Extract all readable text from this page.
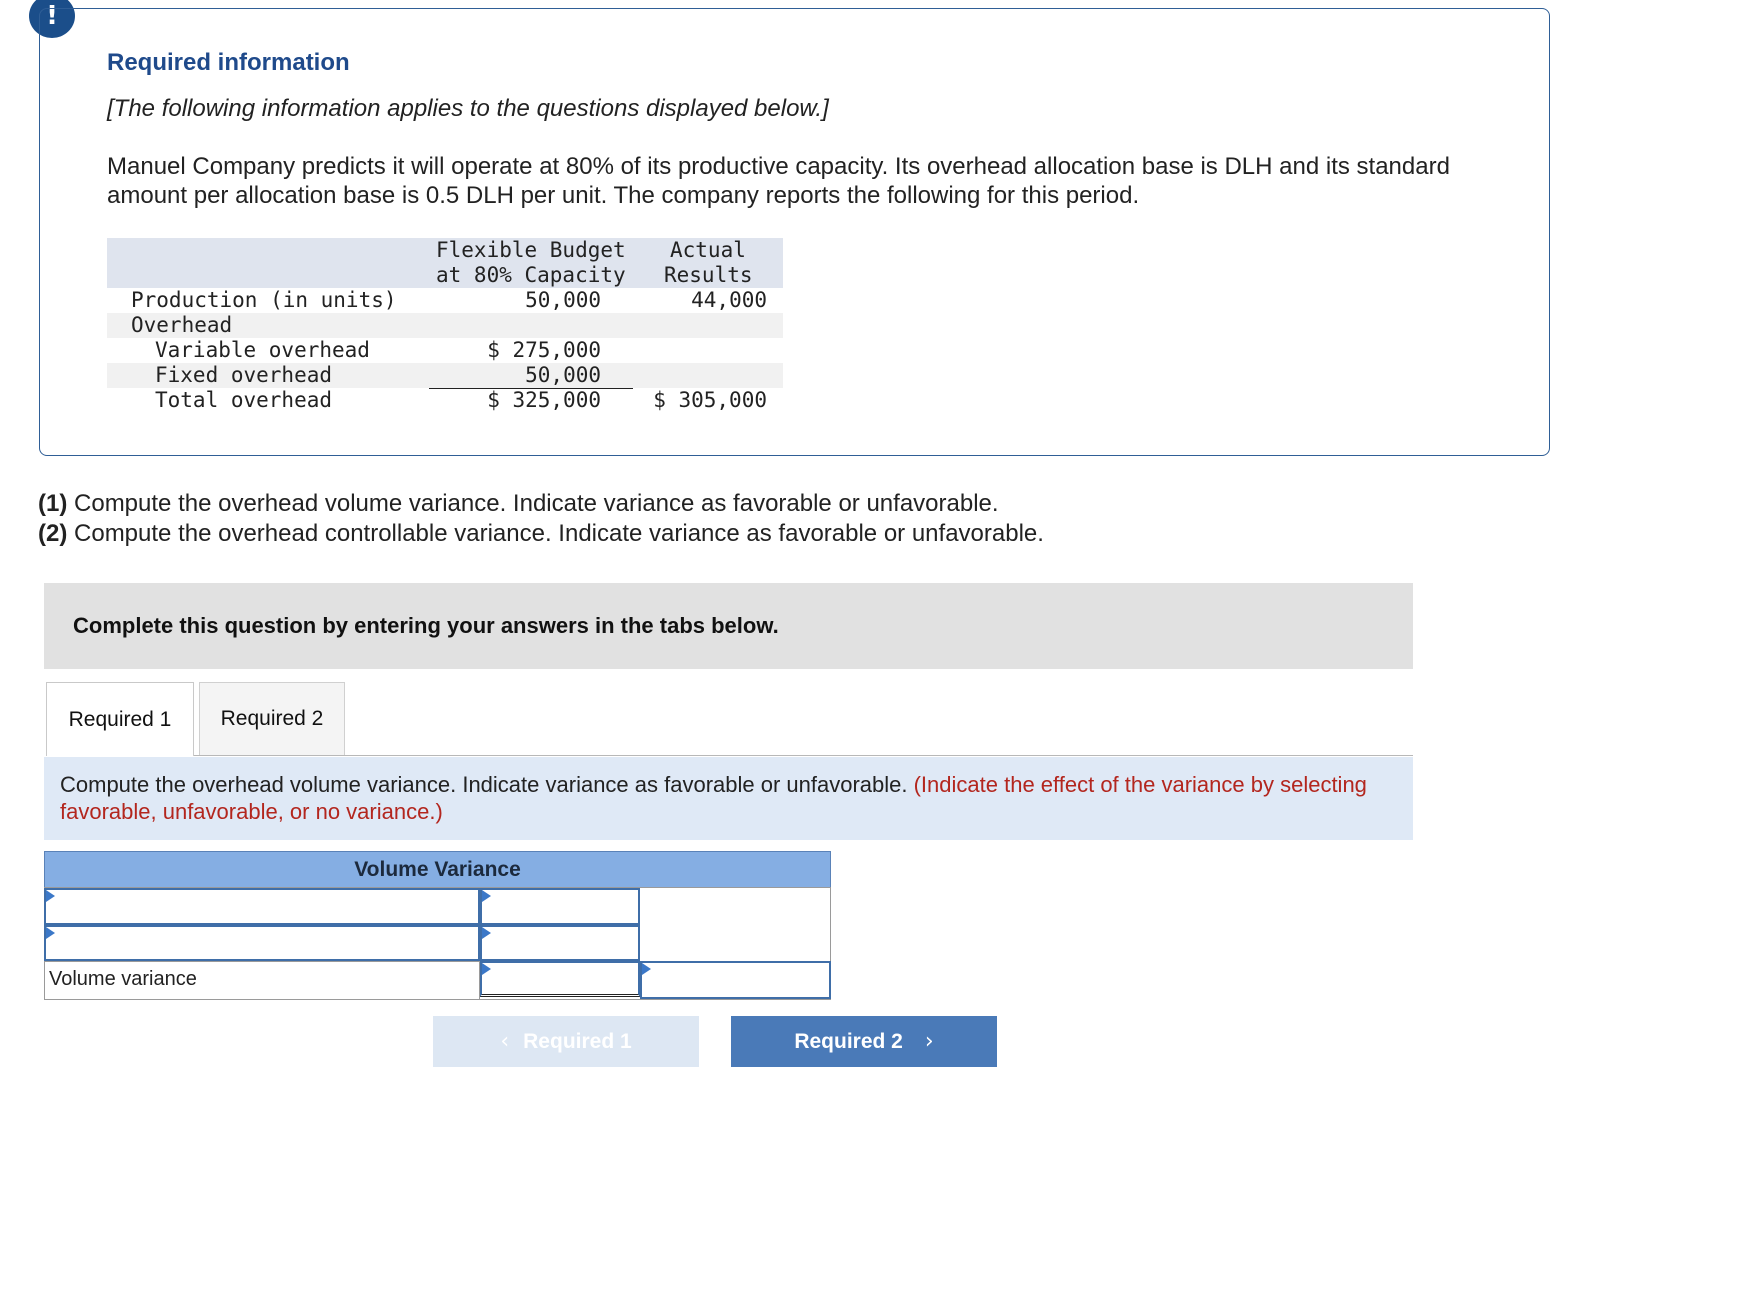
!
Required information
[The following information applies to the questions displayed below.]
Manuel Company predicts it will operate at 80% of its productive capacity. Its overhead allocation base is DLH and its standard amount per allocation base is 0.5 DLH per unit. The company reports the following for this period.
Flexible Budget
at 80% Capacity
Actual
Results
Production (in units)	50,000	44,000
Overhead
Variable overhead	$ 275,000
Fixed overhead	50,000
Total overhead	$ 325,000 $ 305,000
(1) Compute the overhead volume variance. Indicate variance as favorable or unfavorable.
(2) Compute the overhead controllable variance. Indicate variance as favorable or unfavorable.
Complete this question by entering your answers in the tabs below.
Required 1	Required 2
Compute the overhead volume variance. Indicate variance as favorable or unfavorable. (Indicate the effect of the variance by selecting favorable, unfavorable, or no variance.)
Volume Variance
Volume variance
‹ Required 1	Required 2 ›
